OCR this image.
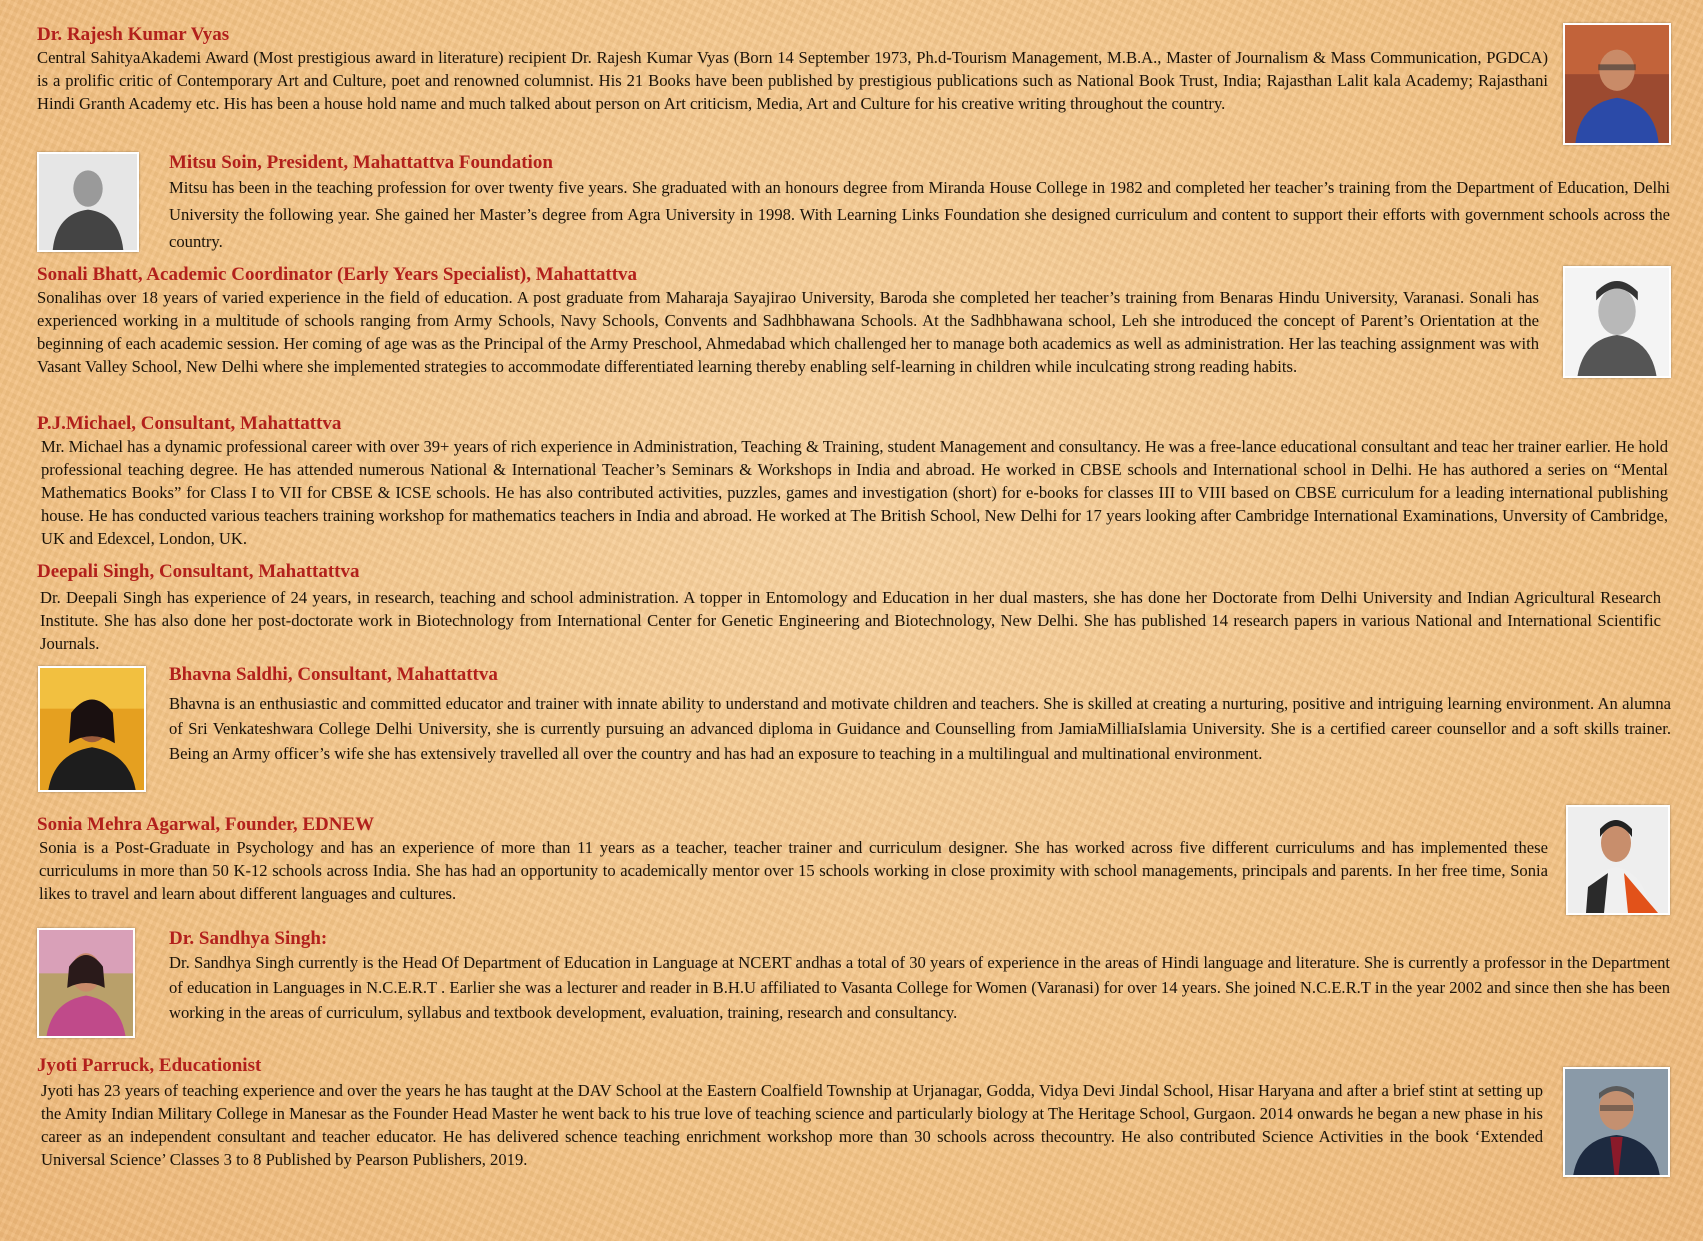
Dr. Rajesh Kumar Vyas

Central SahityaAkademi Award (Most prestigious award in literature) recipient Dr. Rajesh Kumar Vyas (Born 14 September 1973, Ph.d-Tourism Management, M.B.A., Master of Journalism & Mass Communication, PGDCA) is a prolific critic of Contemporary Art and Culture, poet and renowned columnist. His 21 Books have been published by prestigious publications such as National Book Trust, India; Rajasthan Lalit kala Academy; Rajasthani Hindi Granth Academy etc. His has been a house hold name and much talked about person on Art criticism, Media, Art and Culture for his creative writing throughout the country.

Mitsu Soin, President, Mahattattva Foundation

Mitsu has been in the teaching profession for over twenty five years. She graduated with an honours degree from Miranda House College in 1982 and completed her teacher’s training from the Department of Education, Delhi University the following year. She gained her Master’s degree from Agra University in 1998. With Learning Links Foundation she designed curriculum and content to support their efforts with government schools across the country.

Sonali Bhatt, Academic Coordinator (Early Years Specialist), Mahattattva

Sonalihas over 18 years of varied experience in the field of education. A post graduate from Maharaja Sayajirao University, Baroda she completed her teacher’s training from Benaras Hindu University, Varanasi. Sonali has experienced working in a multitude of schools ranging from Army Schools, Navy Schools, Convents and Sadhbhawana Schools. At the Sadhbhawana school, Leh she introduced the concept of Parent’s Orientation at the beginning of each academic session. Her coming of age was as the Principal of the Army Preschool, Ahmedabad which challenged her to manage both academics as well as administration. Her las teaching assignment was with Vasant Valley School, New Delhi where she implemented strategies to accommodate differentiated learning thereby enabling self-learning in children while inculcating strong reading habits.

P.J.Michael, Consultant, Mahattattva

Mr. Michael has a dynamic professional career with over 39+ years of rich experience in Administration, Teaching & Training, student Management and consultancy. He was a free-lance educational consultant and teac her trainer earlier. He hold professional teaching degree. He has attended numerous National & International Teacher’s Seminars & Workshops in India and abroad. He worked in CBSE schools and International school in Delhi. He has authored a series on “Mental Mathematics Books” for Class I to VII for CBSE & ICSE schools. He has also contributed activities, puzzles, games and investigation (short) for e-books for classes III to VIII based on CBSE curriculum for a leading international publishing house. He has conducted various teachers training workshop for mathematics teachers in India and abroad. He worked at The British School, New Delhi for 17 years looking after Cambridge International Examinations, Unversity of Cambridge, UK and Edexcel, London, UK.

Deepali Singh, Consultant, Mahattattva

Dr. Deepali Singh has experience of 24 years, in research, teaching and school administration. A topper in Entomology and Education in her dual masters, she has done her Doctorate from Delhi University and Indian Agricultural Research Institute. She has also done her post-doctorate work in Biotechnology from International Center for Genetic Engineering and Biotechnology, New Delhi. She has published 14 research papers in various National and International Scientific Journals.

Bhavna Saldhi, Consultant, Mahattattva

Bhavna is an enthusiastic and committed educator and trainer with innate ability to understand and motivate children and teachers. She is skilled at creating a nurturing, positive and intriguing learning environment. An alumna of Sri Venkateshwara College Delhi University, she is currently pursuing an advanced diploma in Guidance and Counselling from JamiaMilliaIslamia University. She is a certified career counsellor and a soft skills trainer. Being an Army officer’s wife she has extensively travelled all over the country and has had an exposure to teaching in a multilingual and multinational environment.

Sonia Mehra Agarwal, Founder, EDNEW

Sonia is a Post-Graduate in Psychology and has an experience of more than 11 years as a teacher, teacher trainer and curriculum designer. She has worked across five different curriculums and has implemented these curriculums in more than 50 K-12 schools across India. She has had an opportunity to academically mentor over 15 schools working in close proximity with school managements, principals and parents. In her free time, Sonia likes to travel and learn about different languages and cultures.

Dr. Sandhya Singh:

Dr. Sandhya Singh currently is the Head Of Department of Education in Language at NCERT andhas a total of 30 years of experience in the areas of Hindi language and literature. She is currently a professor in the Department of education in Languages in N.C.E.R.T . Earlier she was a lecturer and reader in B.H.U affiliated to Vasanta College for Women (Varanasi) for over 14 years. She joined N.C.E.R.T in the year 2002 and since then she has been working in the areas of curriculum, syllabus and textbook development, evaluation, training, research and consultancy.

Jyoti Parruck, Educationist

Jyoti has 23 years of teaching experience and over the years he has taught at the DAV School at the Eastern Coalfield Township at Urjanagar, Godda, Vidya Devi Jindal School, Hisar Haryana and after a brief stint at setting up the Amity Indian Military College in Manesar as the Founder Head Master he went back to his true love of teaching science and particularly biology at The Heritage School, Gurgaon. 2014 onwards he began a new phase in his career as an independent consultant and teacher educator. He has delivered schence teaching enrichment workshop more than 30 schools across thecountry. He also contributed Science Activities in the book ‘Extended Universal Science’ Classes 3 to 8 Published by Pearson Publishers, 2019.
